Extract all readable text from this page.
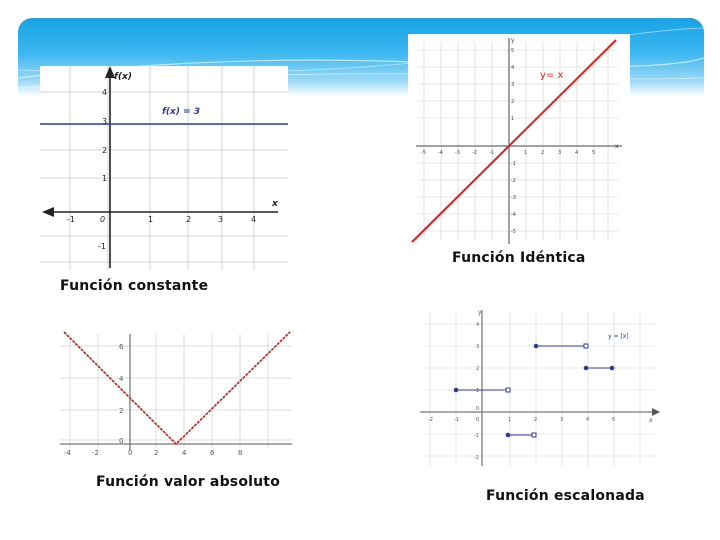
f(x)
x
f(x) = 3
-1	0	1	2	3	4
4
3
2
1
-1
Función constante
y= x
x
y
-5 -4 -3 -2 -1	1	2	3	4	5
5
4
3
2
1
-1
-2
-3
-4
-5
Función Idéntica
-4	-2	0	2	4	6	8
6
4
2
0
Función valor absoluto
y = [x]
x
y
-2	-1	0	1	2	3	4	5
4
3
2
1
0
-1
-2
Función escalonada
